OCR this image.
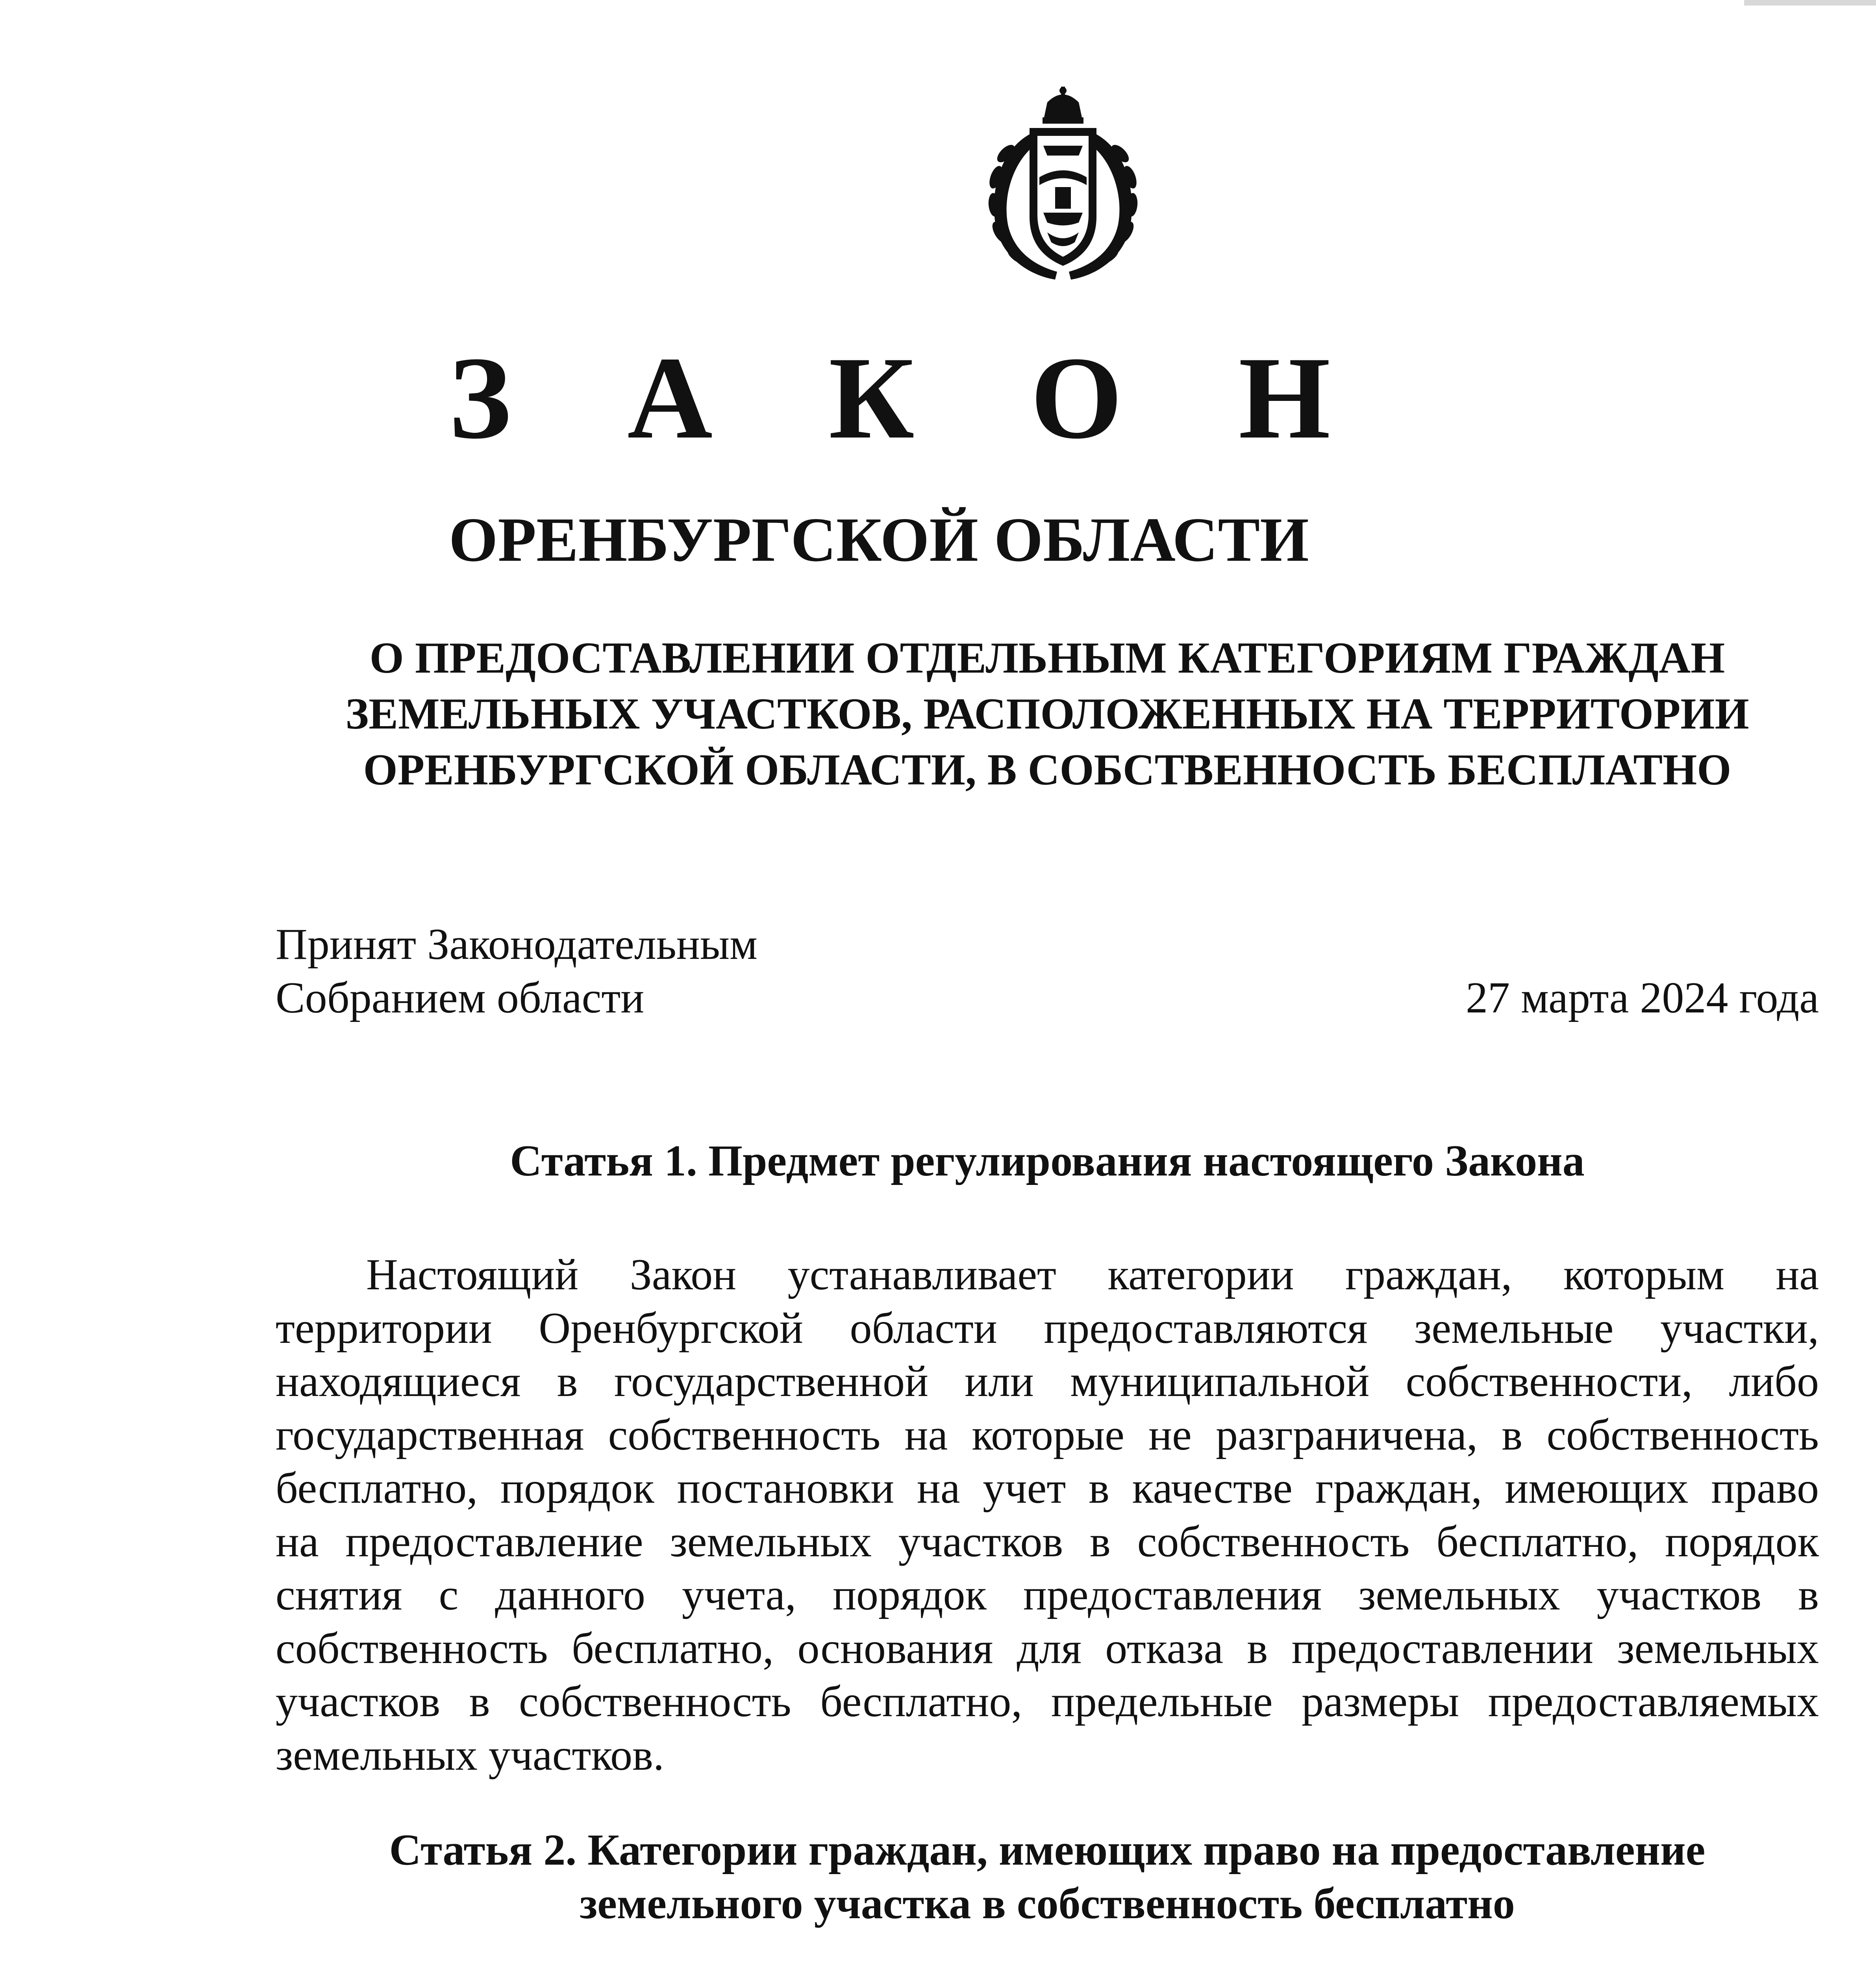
З А К О Н
ОРЕНБУРГСКОЙ ОБЛАСТИ
О ПРЕДОСТАВЛЕНИИ ОТДЕЛЬНЫМ КАТЕГОРИЯМ ГРАЖДАН
ЗЕМЕЛЬНЫХ УЧАСТКОВ, РАСПОЛОЖЕННЫХ НА ТЕРРИТОРИИ
ОРЕНБУРГСКОЙ ОБЛАСТИ, В СОБСТВЕННОСТЬ БЕСПЛАТНО
Принят Законодательным
Собранием области	27 марта 2024 года
Статья 1. Предмет регулирования настоящего Закона
Настоящий Закон устанавливает категории граждан, которым на
территории Оренбургской области предоставляются земельные участки,
находящиеся в государственной или муниципальной собственности, либо
государственная собственность на которые не разграничена, в собственность
бесплатно, порядок постановки на учет в качестве граждан, имеющих право
на предоставление земельных участков в собственность бесплатно, порядок
снятия с данного учета, порядок предоставления земельных участков в
собственность бесплатно, основания для отказа в предоставлении земельных
участков в собственность бесплатно, предельные размеры предоставляемых
земельных участков.
Статья 2. Категории граждан, имеющих право на предоставление
земельного участка в собственность бесплатно
